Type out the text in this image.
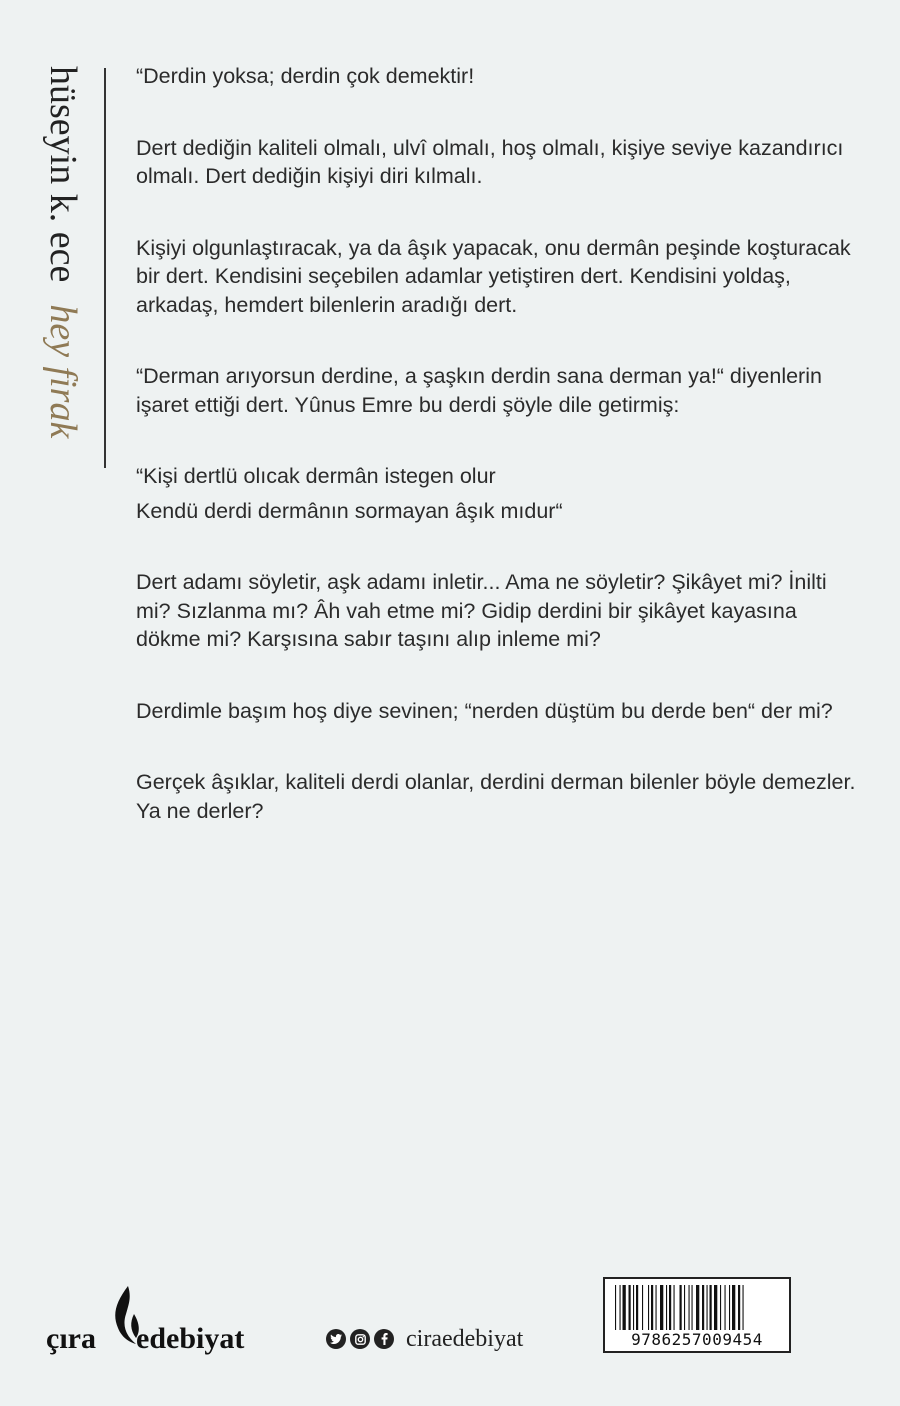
hüseyin k. ecehey firak

“Derdin yoksa; derdin çok demektir!

Dert dediğin kaliteli olmalı, ulvî olmalı, hoş olmalı, kişiye seviye kazandırıcı olmalı. Dert dediğin kişiyi diri kılmalı.

Kişiyi olgunlaştıracak, ya da âşık yapacak, onu dermân peşinde koşturacak bir dert. Kendisini seçebilen adamlar yetiştiren dert. Kendisini yoldaş, arkadaş, hemdert bilenlerin aradığı dert.

“Derman arıyorsun derdine, a şaşkın derdin sana derman ya!“ diyenlerin işaret ettiği dert. Yûnus Emre bu derdi şöyle dile getirmiş:

“Kişi dertlü olıcak dermân istegen olur

Kendü derdi dermânın sormayan âşık mıdur“

Dert adamı söyletir, aşk adamı inletir... Ama ne söyletir? Şikâyet mi? İnilti mi? Sızlanma mı? Âh vah etme mi? Gidip derdini bir şikâyet kayasına dökme mi? Karşısına sabır taşını alıp inleme mi?

Derdimle başım hoş diye sevinen; “nerden düştüm bu derde ben“ der mi?

Gerçek âşıklar, kaliteli derdi olanlar, derdini derman bilenler böyle demezler. Ya ne derler?

çıra edebiyat	ciraedebiyat	9786257009454
